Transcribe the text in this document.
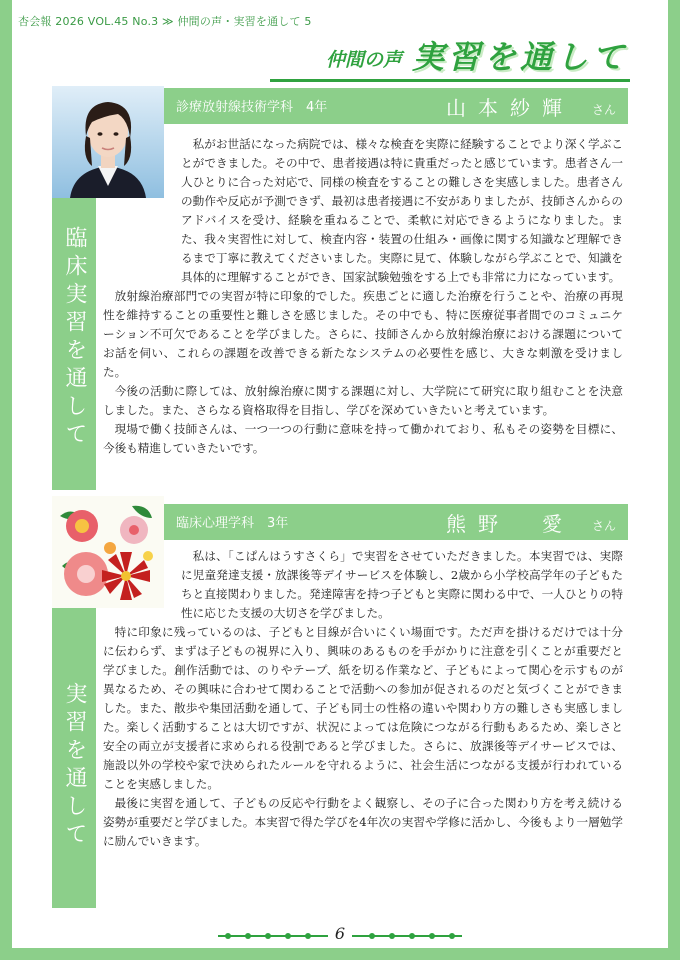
杏会報 2026 VOL.45 No.3 ≫ 仲間の声・実習を通して 5
仲間の声 実習を通して
臨床実習を通して
診療放射線技術学科　4年	山本紗輝 さん

私がお世話になった病院では、様々な検査を実際に経験することでより深く学ぶことができました。その中で、患者接遇は特に貴重だったと感じています。患者さん一人ひとりに合った対応で、同様の検査をすることの難しさを実感しました。患者さんの動作や反応が予測できず、最初は患者接遇に不安がありましたが、技師さんからのアドバイスを受け、経験を重ねることで、柔軟に対応できるようになりました。また、我々実習性に対して、検査内容・装置の仕組み・画像に関する知識など理解できるまで丁寧に教えてくださいました。実際に見て、体験しながら学ぶことで、知識を具体的に理解することができ、国家試験勉強をする上でも非常に力になっています。

放射線治療部門での実習が特に印象的でした。疾患ごとに適した治療を行うことや、治療の再現性を維持することの重要性と難しさを感じました。その中でも、特に医療従事者間でのコミュニケーション不可欠であることを学びました。さらに、技師さんから放射線治療における課題についてお話を伺い、これらの課題を改善できる新たなシステムの必要性を感じ、大きな刺激を受けました。

今後の活動に際しては、放射線治療に関する課題に対し、大学院にて研究に取り組むことを決意しました。また、さらなる資格取得を目指し、学びを深めていきたいと考えています。

現場で働く技師さんは、一つ一つの行動に意味を持って働かれており、私もその姿勢を目標に、今後も精進していきたいです。

実習を通して
臨床心理学科　3年	熊野　愛 さん

私は、「こぱんはうすさくら」で実習をさせていただきました。本実習では、実際に児童発達支援・放課後等デイサービスを体験し、2歳から小学校高学年の子どもたちと直接関わりました。発達障害を持つ子どもと実際に関わる中で、一人ひとりの特性に応じた支援の大切さを学びました。

特に印象に残っているのは、子どもと目線が合いにくい場面です。ただ声を掛けるだけでは十分に伝わらず、まずは子どもの視界に入り、興味のあるものを手がかりに注意を引くことが重要だと学びました。創作活動では、のりやテープ、紙を切る作業など、子どもによって関心を示すものが異なるため、その興味に合わせて関わることで活動への参加が促されるのだと気づくことができました。また、散歩や集団活動を通して、子ども同士の性格の違いや関わり方の難しさも実感しました。楽しく活動することは大切ですが、状況によっては危険につながる行動もあるため、楽しさと安全の両立が支援者に求められる役割であると学びました。さらに、放課後等デイサービスでは、施設以外の学校や家で決められたルールを守れるように、社会生活につながる支援が行われていることを実感しました。

最後に実習を通して、子どもの反応や行動をよく観察し、その子に合った関わり方を考え続ける姿勢が重要だと学びました。本実習で得た学びを4年次の実習や学修に活かし、今後もより一層勉学に励んでいきます。

6
